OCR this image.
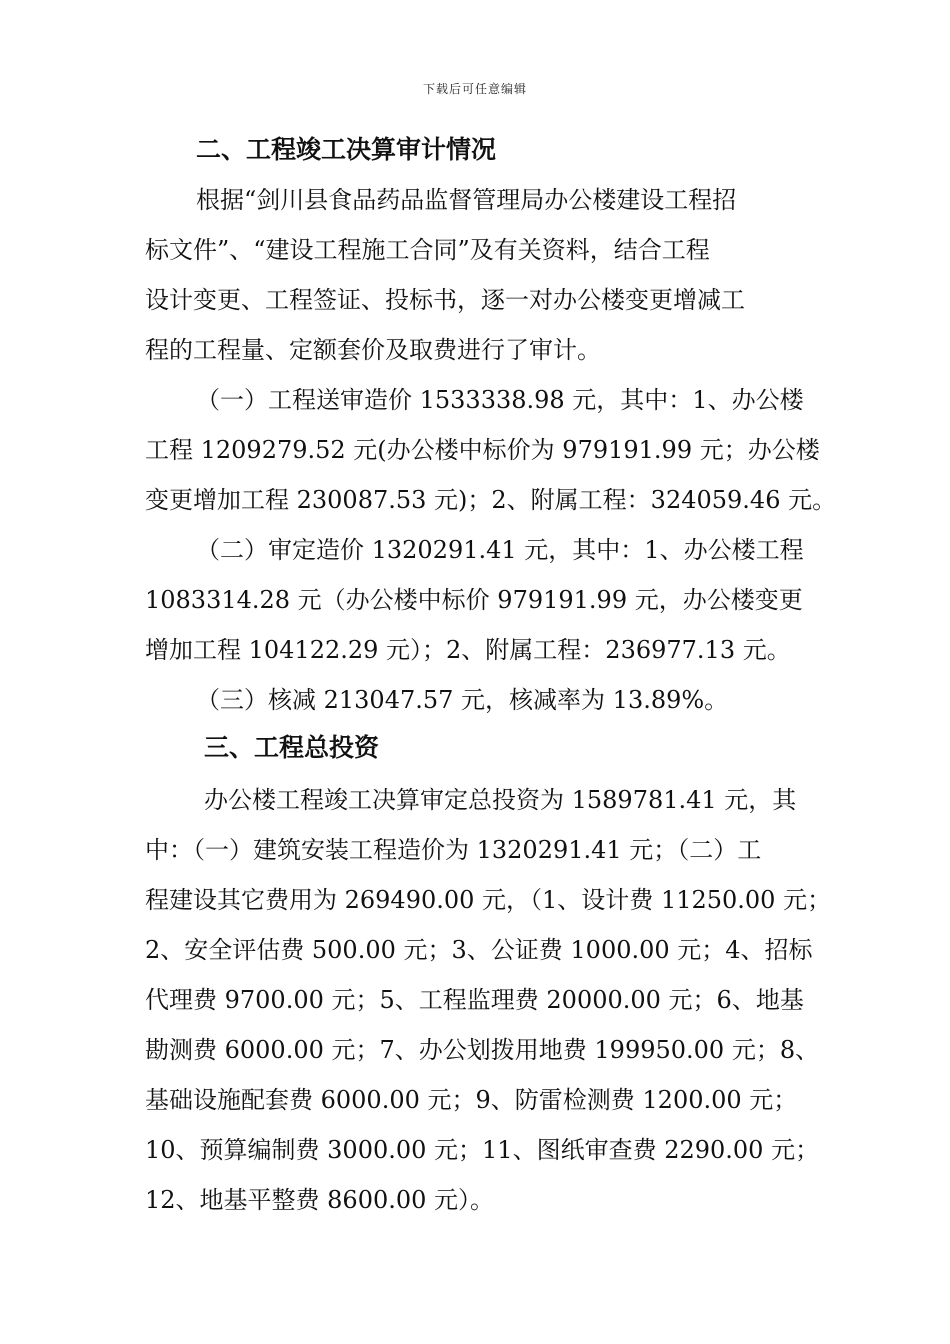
下载后可任意编辑
二、工程竣工决算审计情况
根据“剑川县食品药品监督管理局办公楼建设工程招
标文件”、“建设工程施工合同”及有关资料，结合工程
设计变更、工程签证、投标书，逐一对办公楼变更增减工
程的工程量、定额套价及取费进行了审计。
（一）工程送审造价 1533338.98 元，其中：1、办公楼
工程 1209279.52 元(办公楼中标价为 979191.99 元；办公楼
变更增加工程 230087.53 元)；2、附属工程：324059.46 元。
（二）审定造价 1320291.41 元，其中：1、办公楼工程
1083314.28 元（办公楼中标价 979191.99 元，办公楼变更
增加工程 104122.29 元）；2、附属工程：236977.13 元。
（三）核减 213047.57 元，核减率为 13.89%。
三、工程总投资
办公楼工程竣工决算审定总投资为 1589781.41 元，其
中：（一）建筑安装工程造价为 1320291.41 元；（二）工
程建设其它费用为 269490.00 元，（1、设计费 11250.00 元；
2、安全评估费 500.00 元；3、公证费 1000.00 元；4、招标
代理费 9700.00 元；5、工程监理费 20000.00 元；6、地基
勘测费 6000.00 元；7、办公划拨用地费 199950.00 元；8、
基础设施配套费 6000.00 元；9、防雷检测费 1200.00 元；
10、预算编制费 3000.00 元；11、图纸审查费 2290.00 元；
12、地基平整费 8600.00 元）。
